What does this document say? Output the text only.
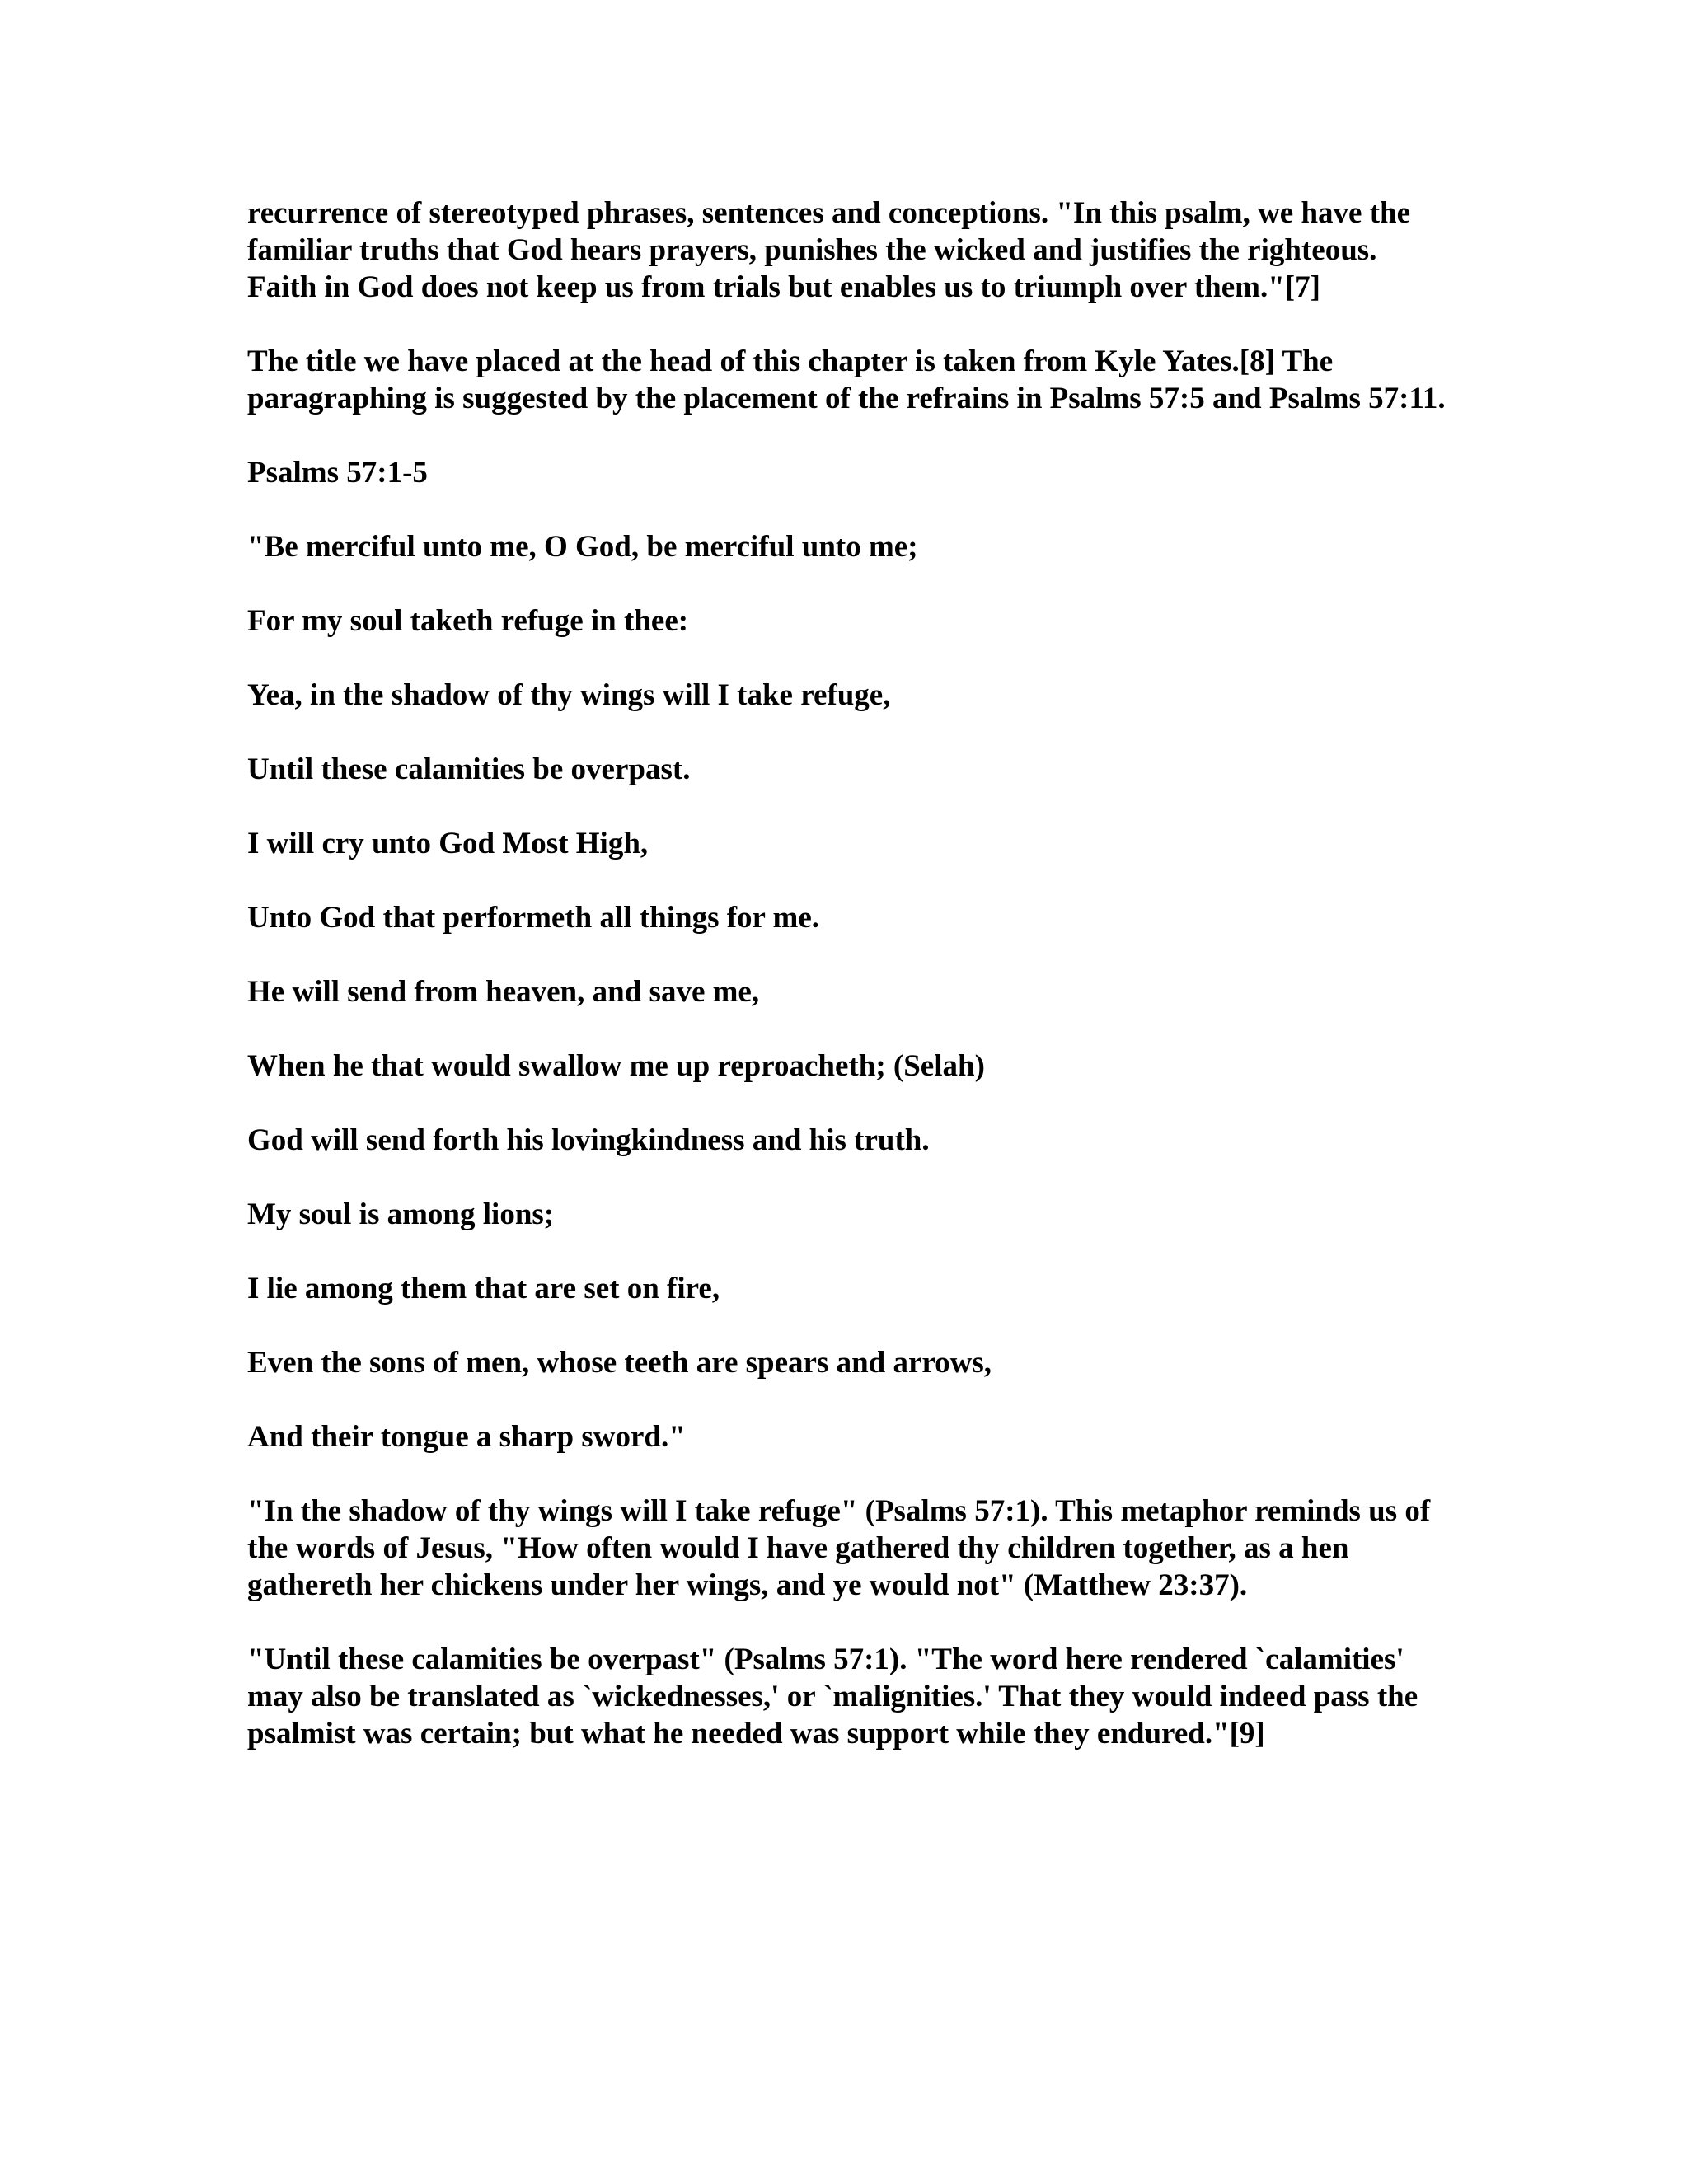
recurrence of stereotyped phrases, sentences and conceptions. "In this psalm, we have the familiar truths that God hears prayers, punishes the wicked and justifies the righteous. Faith in God does not keep us from trials but enables us to triumph over them."[7]

The title we have placed at the head of this chapter is taken from Kyle Yates.[8] The paragraphing is suggested by the placement of the refrains in Psalms 57:5 and Psalms 57:11.

Psalms 57:1-5

"Be merciful unto me, O God, be merciful unto me;

For my soul taketh refuge in thee:

Yea, in the shadow of thy wings will I take refuge,

Until these calamities be overpast.

I will cry unto God Most High,

Unto God that performeth all things for me.

He will send from heaven, and save me,

When he that would swallow me up reproacheth; (Selah)

God will send forth his lovingkindness and his truth.

My soul is among lions;

I lie among them that are set on fire,

Even the sons of men, whose teeth are spears and arrows,

And their tongue a sharp sword."

"In the shadow of thy wings will I take refuge" (Psalms 57:1). This metaphor reminds us of the words of Jesus, "How often would I have gathered thy children together, as a hen gathereth her chickens under her wings, and ye would not" (Matthew 23:37).

"Until these calamities be overpast" (Psalms 57:1). "The word here rendered `calamities' may also be translated as `wickednesses,' or `malignities.' That they would indeed pass the psalmist was certain; but what he needed was support while they endured."[9]
